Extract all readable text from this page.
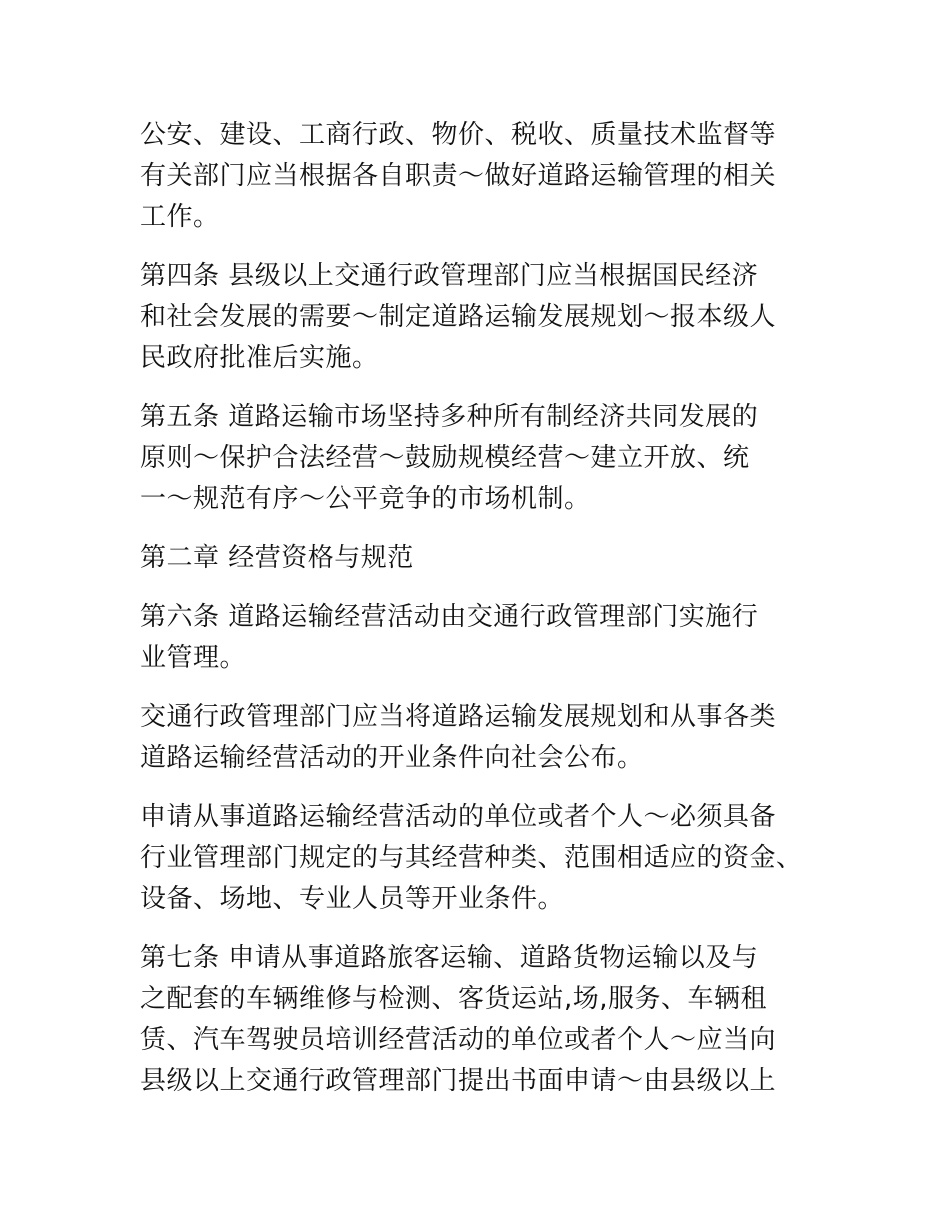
公安、建设、工商行政、物价、税收、质量技术监督等
有关部门应当根据各自职责～做好道路运输管理的相关
工作。
第四条 县级以上交通行政管理部门应当根据国民经济
和社会发展的需要～制定道路运输发展规划～报本级人
民政府批准后实施。
第五条 道路运输市场坚持多种所有制经济共同发展的
原则～保护合法经营～鼓励规模经营～建立开放、统
一～规范有序～公平竞争的市场机制。
第二章 经营资格与规范
第六条 道路运输经营活动由交通行政管理部门实施行
业管理。
交通行政管理部门应当将道路运输发展规划和从事各类
道路运输经营活动的开业条件向社会公布。
申请从事道路运输经营活动的单位或者个人～必须具备
行业管理部门规定的与其经营种类、范围相适应的资金、
设备、场地、专业人员等开业条件。
第七条 申请从事道路旅客运输、道路货物运输以及与
之配套的车辆维修与检测、客货运站,场,服务、车辆租
赁、汽车驾驶员培训经营活动的单位或者个人～应当向
县级以上交通行政管理部门提出书面申请～由县级以上
